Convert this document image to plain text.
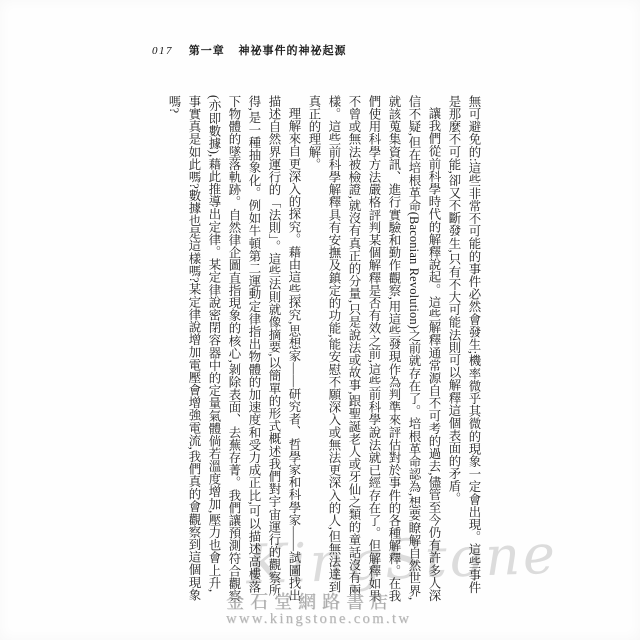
017 第一章 神祕事件的神祕起源
KingStone

無可避免的:這些非常不可能的事件必然會發生;機率微乎其微的現象一定會出現。這些事件是那麼不可能,卻又不斷發生,只有不大可能法則可以解釋這個表面的矛盾。

讓我們從前科學時代的解釋說起。這些解釋通常源自不可考的過去,儘管至今仍有許多人深信不疑,但在培根革命(Baconian Revolution)之前就存在了。培根革命認為,想要瞭解自然世界,就該蒐集資訊、進行實驗和勤作觀察,用這些發現作為判準來評估對於事件的各種解釋。在我們使用科學方法嚴格評判某個解釋是否有效之前,這些前科學說法就已經存在了。但解釋如果不曾或無法被檢證,就沒有真正的分量,只是說法或故事,跟聖誕老人或牙仙之類的童話沒有兩樣。這些前科學解釋具有安撫及鎮定的功能,能安慰不願深入或無法更深入的人,但無法達到真正的理解。

理解來自更深入的探究。藉由這些探究,思想家——研究者、哲學家和科學家——試圖找出描述自然界運行的「法則」。這些法則就像摘要,以簡單的形式概述我們對宇宙運行的觀察所得,是一種抽象化。例如牛頓第二運動定律指出物體的加速度和受力成正比,可以描述高樓落下物體的墜落軌跡。自然律企圖直指現象的核心,剝除表面、去蕪存菁。我們讓預測符合觀察(亦即數據),藉此推導出定律。某定律說密閉容器中的定量氣體倘若溫度增加,壓力也會上升,事實真是如此嗎?數據也是這樣嗎?某定律說增加電壓會增強電流,我們真的會觀察到這個現象嗎?

金石堂網路書店
www.kingstone.com.tw
